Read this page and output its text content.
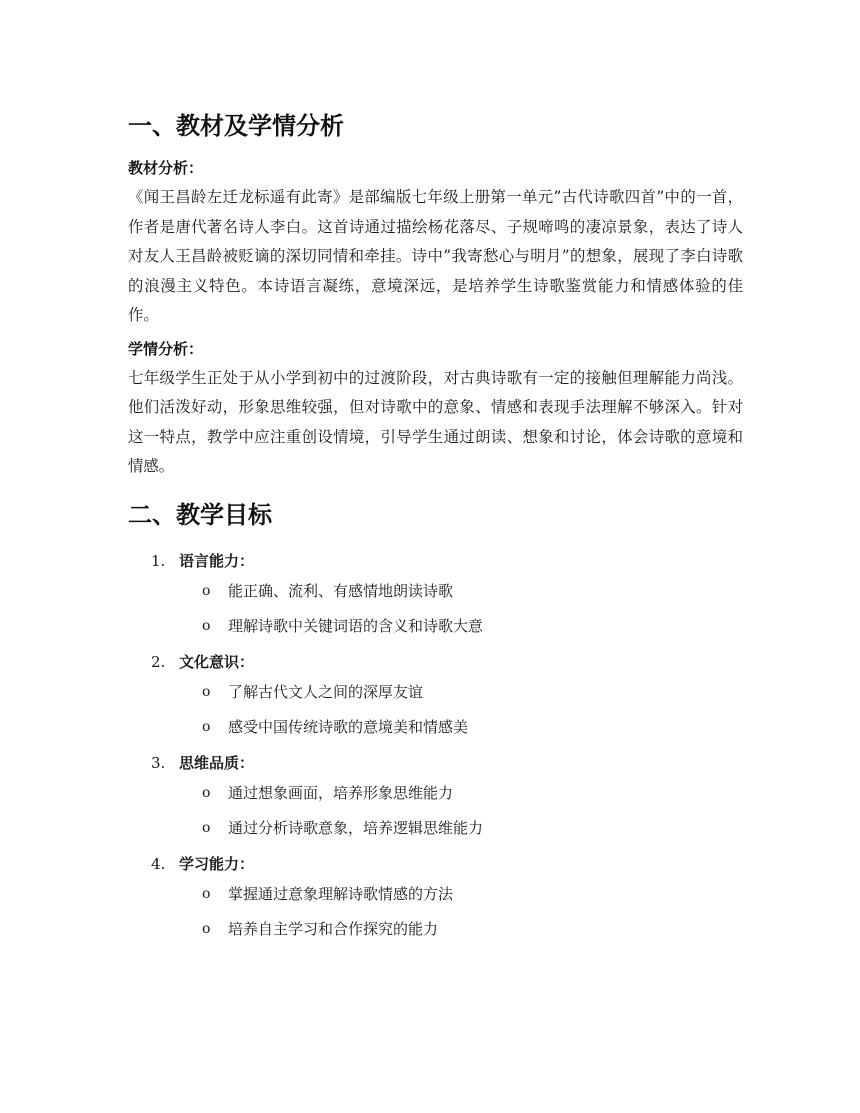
一、教材及学情分析
教材分析：

《闻王昌龄左迁龙标遥有此寄》是部编版七年级上册第一单元”古代诗歌四首”中的一首，作者是唐代著名诗人李白。这首诗通过描绘杨花落尽、子规啼鸣的凄凉景象，表达了诗人对友人王昌龄被贬谪的深切同情和牵挂。诗中”我寄愁心与明月”的想象，展现了李白诗歌的浪漫主义特色。本诗语言凝练，意境深远，是培养学生诗歌鉴赏能力和情感体验的佳作。

学情分析：

七年级学生正处于从小学到初中的过渡阶段，对古典诗歌有一定的接触但理解能力尚浅。他们活泼好动，形象思维较强，但对诗歌中的意象、情感和表现手法理解不够深入。针对这一特点，教学中应注重创设情境，引导学生通过朗读、想象和讨论，体会诗歌的意境和情感。

二、教学目标
1. 语言能力：
o 能正确、流利、有感情地朗读诗歌
o 理解诗歌中关键词语的含义和诗歌大意
2. 文化意识：
o 了解古代文人之间的深厚友谊
o 感受中国传统诗歌的意境美和情感美
3. 思维品质：
o 通过想象画面，培养形象思维能力
o 通过分析诗歌意象，培养逻辑思维能力
4. 学习能力：
o 掌握通过意象理解诗歌情感的方法
o 培养自主学习和合作探究的能力
